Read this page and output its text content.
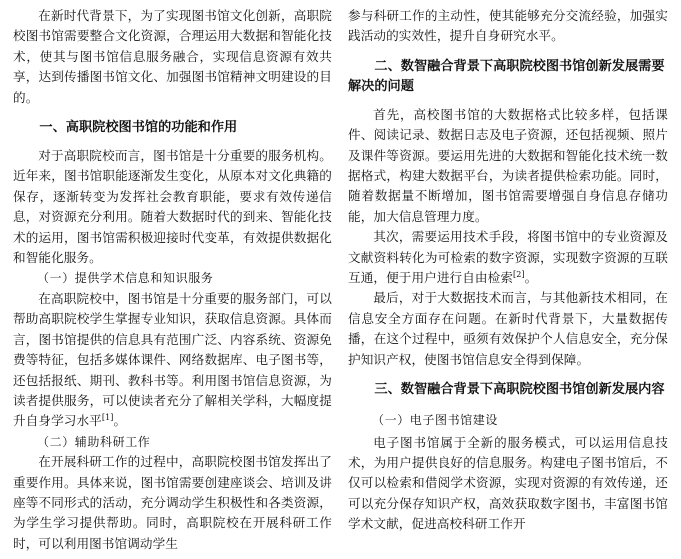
在新时代背景下，为了实现图书馆文化创新，高职院校图书馆需要整合文化资源，合理运用大数据和智能化技术，使其与图书馆信息服务融合，实现信息资源有效共享，达到传播图书馆文化、加强图书馆精神文明建设的目的。

一、高职院校图书馆的功能和作用

对于高职院校而言，图书馆是十分重要的服务机构。近年来，图书馆职能逐渐发生变化，从原本对文化典籍的保存，逐渐转变为发挥社会教育职能，要求有效传递信息，对资源充分利用。随着大数据时代的到来、智能化技术的运用，图书馆需积极迎接时代变革，有效提供数据化和智能化服务。

（一）提供学术信息和知识服务

在高职院校中，图书馆是十分重要的服务部门，可以帮助高职院校学生掌握专业知识，获取信息资源。具体而言，图书馆提供的信息具有范围广泛、内容系统、资源免费等特征，包括多媒体课件、网络数据库、电子图书等，还包括报纸、期刊、教科书等。利用图书馆信息资源，为读者提供服务，可以使读者充分了解相关学科，大幅度提升自身学习水平[1]。

（二）辅助科研工作

在开展科研工作的过程中，高职院校图书馆发挥出了重要作用。具体来说，图书馆需要创建座谈会、培训及讲座等不同形式的活动，充分调动学生积极性和各类资源，为学生学习提供帮助。同时，高职院校在开展科研工作时，可以利用图书馆调动学生

参与科研工作的主动性，使其能够充分交流经验，加强实践活动的实效性，提升自身研究水平。

二、数智融合背景下高职院校图书馆创新发展需要解决的问题

首先，高校图书馆的大数据格式比较多样，包括课件、阅读记录、数据日志及电子资源，还包括视频、照片及课件等资源。要运用先进的大数据和智能化技术统一数据格式，构建大数据平台，为读者提供检索功能。同时，随着数据量不断增加，图书馆需要增强自身信息存储功能，加大信息管理力度。

其次，需要运用技术手段，将图书馆中的专业资源及文献资料转化为可检索的数字资源，实现数字资源的互联互通，便于用户进行自由检索[2]。

最后，对于大数据技术而言，与其他新技术相同，在信息安全方面存在问题。在新时代背景下，大量数据传播，在这个过程中，亟须有效保护个人信息安全，充分保护知识产权，使图书馆信息安全得到保障。

三、数智融合背景下高职院校图书馆创新发展内容
（一）电子图书馆建设

电子图书馆属于全新的服务模式，可以运用信息技术，为用户提供良好的信息服务。构建电子图书馆后，不仅可以检索和借阅学术资源，实现对资源的有效传递，还可以充分保存知识产权，高效获取数字图书，丰富图书馆学术文献，促进高校科研工作开
